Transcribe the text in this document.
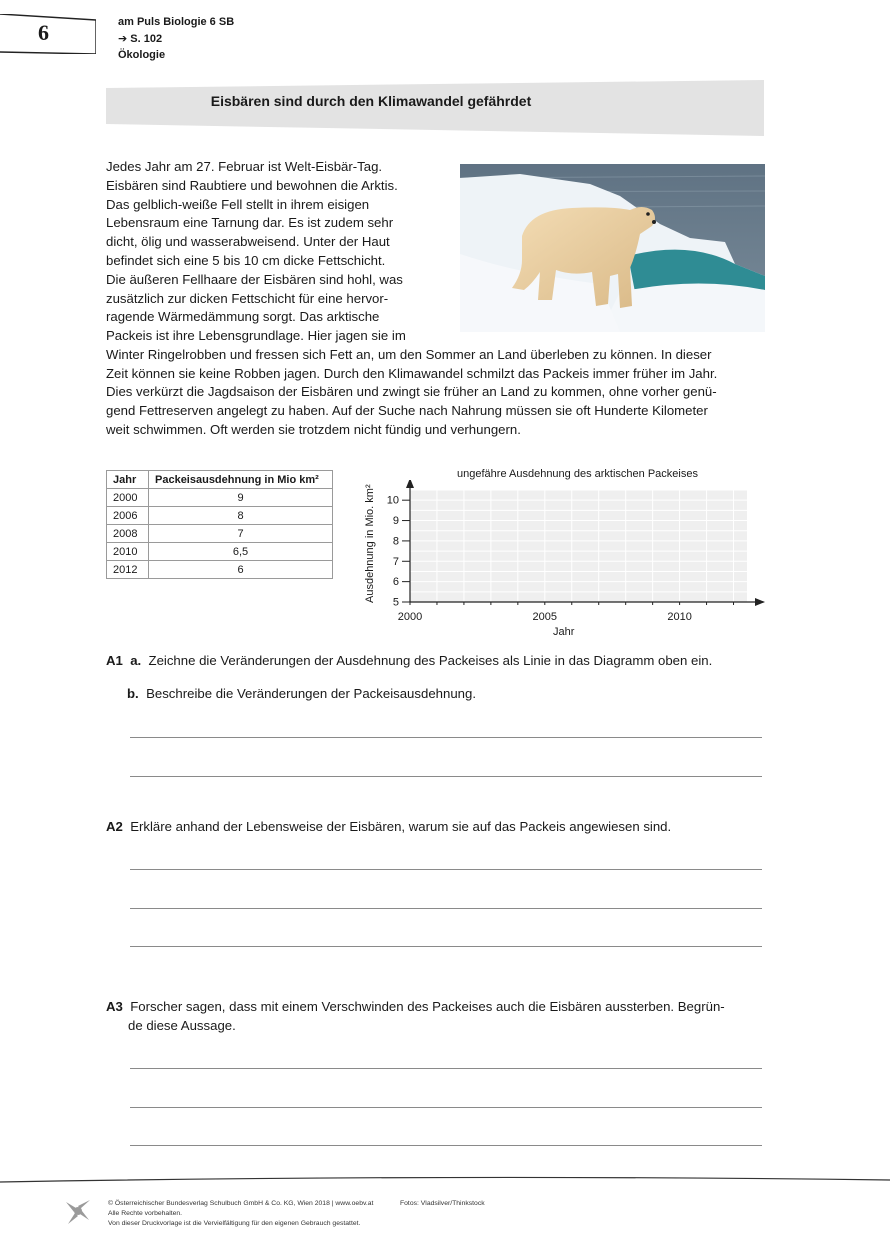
6	am Puls Biologie 6 SB
➔ S. 102
Ökologie
Eisbären sind durch den Klimawandel gefährdet
Jedes Jahr am 27. Februar ist Welt-Eisbär-Tag.
Eisbären sind Raubtiere und bewohnen die Arktis.
Das gelblich-weiße Fell stellt in ihrem eisigen
Lebensraum eine Tarnung dar. Es ist zudem sehr
dicht, ölig und wasserabweisend. Unter der Haut
befindet sich eine 5 bis 10 cm dicke Fettschicht.
Die äußeren Fellhaare der Eisbären sind hohl, was
zusätzlich zur dicken Fettschicht für eine hervor-
ragende Wärmedämmung sorgt. Das arktische
Packeis ist ihre Lebensgrundlage. Hier jagen sie im
Winter Ringelrobben und fressen sich Fett an, um den Sommer an Land überleben zu können. In dieser
Zeit können sie keine Robben jagen. Durch den Klimawandel schmilzt das Packeis immer früher im Jahr.
Dies verkürzt die Jagdsaison der Eisbären und zwingt sie früher an Land zu kommen, ohne vorher genü-
gend Fettreserven angelegt zu haben. Auf der Suche nach Nahrung müssen sie oft Hunderte Kilometer
weit schwimmen. Oft werden sie trotzdem nicht fündig und verhungern.
Jahr	Packeisausdehnung in Mio km²
2000	9
2006	8
2008	7
2010	6,5
2012	6
ungefähre Ausdehnung des arktischen Packeises
Ausdehnung in Mio. km² 5
6
7
8
9
10
2000	2005	2010
Jahr
A1 a. Zeichne die Veränderungen der Ausdehnung des Packeises als Linie in das Diagramm oben ein.
b. Beschreibe die Veränderungen der Packeisausdehnung.
A2 Erkläre anhand der Lebensweise der Eisbären, warum sie auf das Packeis angewiesen sind.
A3 Forscher sagen, dass mit einem Verschwinden des Packeises auch die Eisbären aussterben. Begrün-
de diese Aussage.
© Österreichischer Bundesverlag Schulbuch GmbH & Co. KG, Wien 2018 | www.oebv.at	Fotos: Vladsilver/Thinkstock
Alle Rechte vorbehalten.
Von dieser Druckvorlage ist die Vervielfältigung für den eigenen Gebrauch gestattet.
